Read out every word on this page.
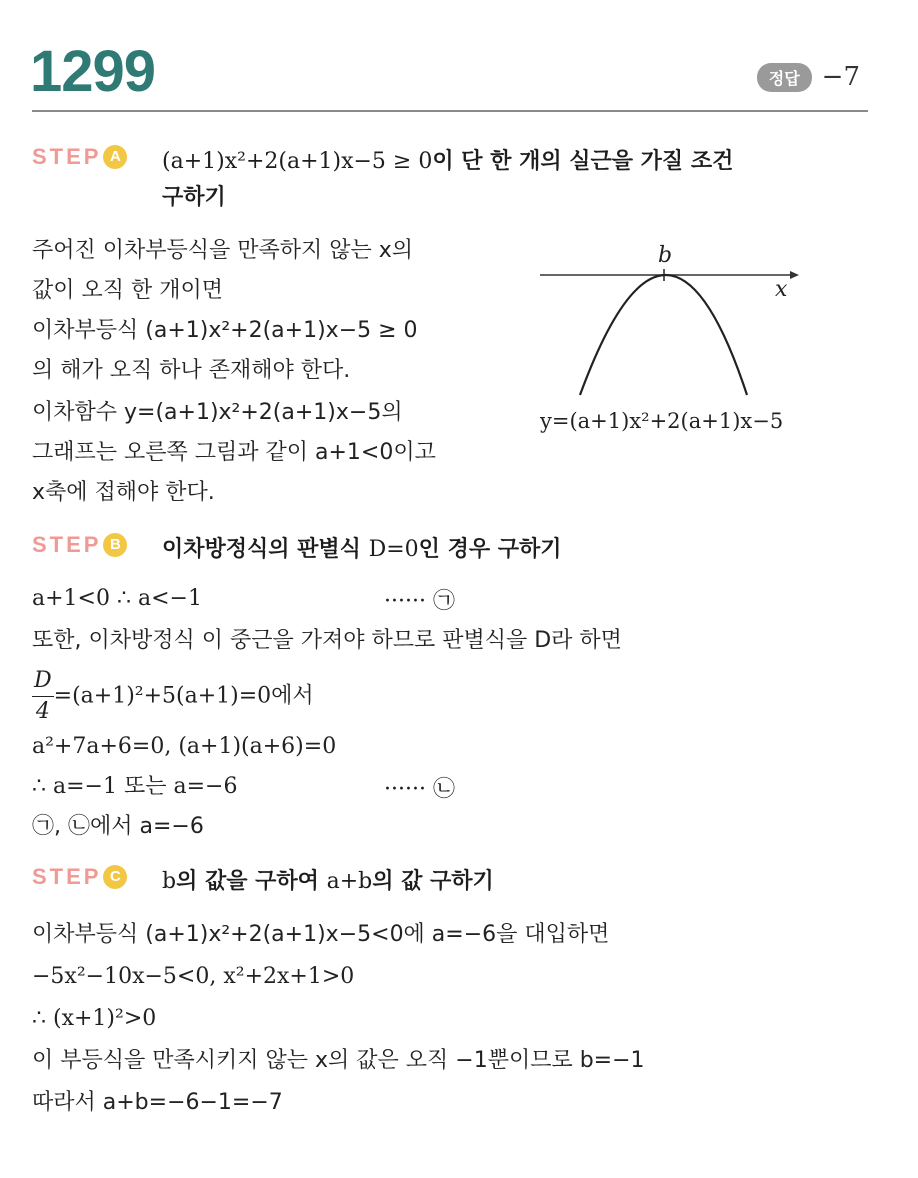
1299	정답 −7
STEP A (a+1)x²+2(a+1)x−5 ≥ 0이 단 한 개의 실근을 가질 조건
구하기
주어진 이차부등식을 만족하지 않는 x의
값이 오직 한 개이면
이차부등식 (a+1)x²+2(a+1)x−5 ≥ 0
의 해가 오직 하나 존재해야 한다.
이차함수 y=(a+1)x²+2(a+1)x−5의
그래프는 오른쪽 그림과 같이 a+1<0이고
x축에 접해야 한다.
b
x
y=(a+1)x²+2(a+1)x−5
STEP B 이차방정식의 판별식 D=0인 경우 구하기
a+1<0 ∴ a<−1	······ ㉠
또한, 이차방정식 이 중근을 가져야 하므로 판별식을 D라 하면
$\frac{D}{4} =(a+1)^2+5(a+1)=0$에서
a²+7a+6=0, (a+1)(a+6)=0
∴ a=−1 또는 a=−6	······ ㉡
㉠, ㉡에서 a=−6
STEP C b의 값을 구하여 a+b의 값 구하기
이차부등식 (a+1)x²+2(a+1)x−5<0에 a=−6을 대입하면
−5x²−10x−5<0, x²+2x+1>0
∴ (x+1)²>0
이 부등식을 만족시키지 않는 x의 값은 오직 −1뿐이므로 b=−1
따라서 a+b=−6−1=−7
